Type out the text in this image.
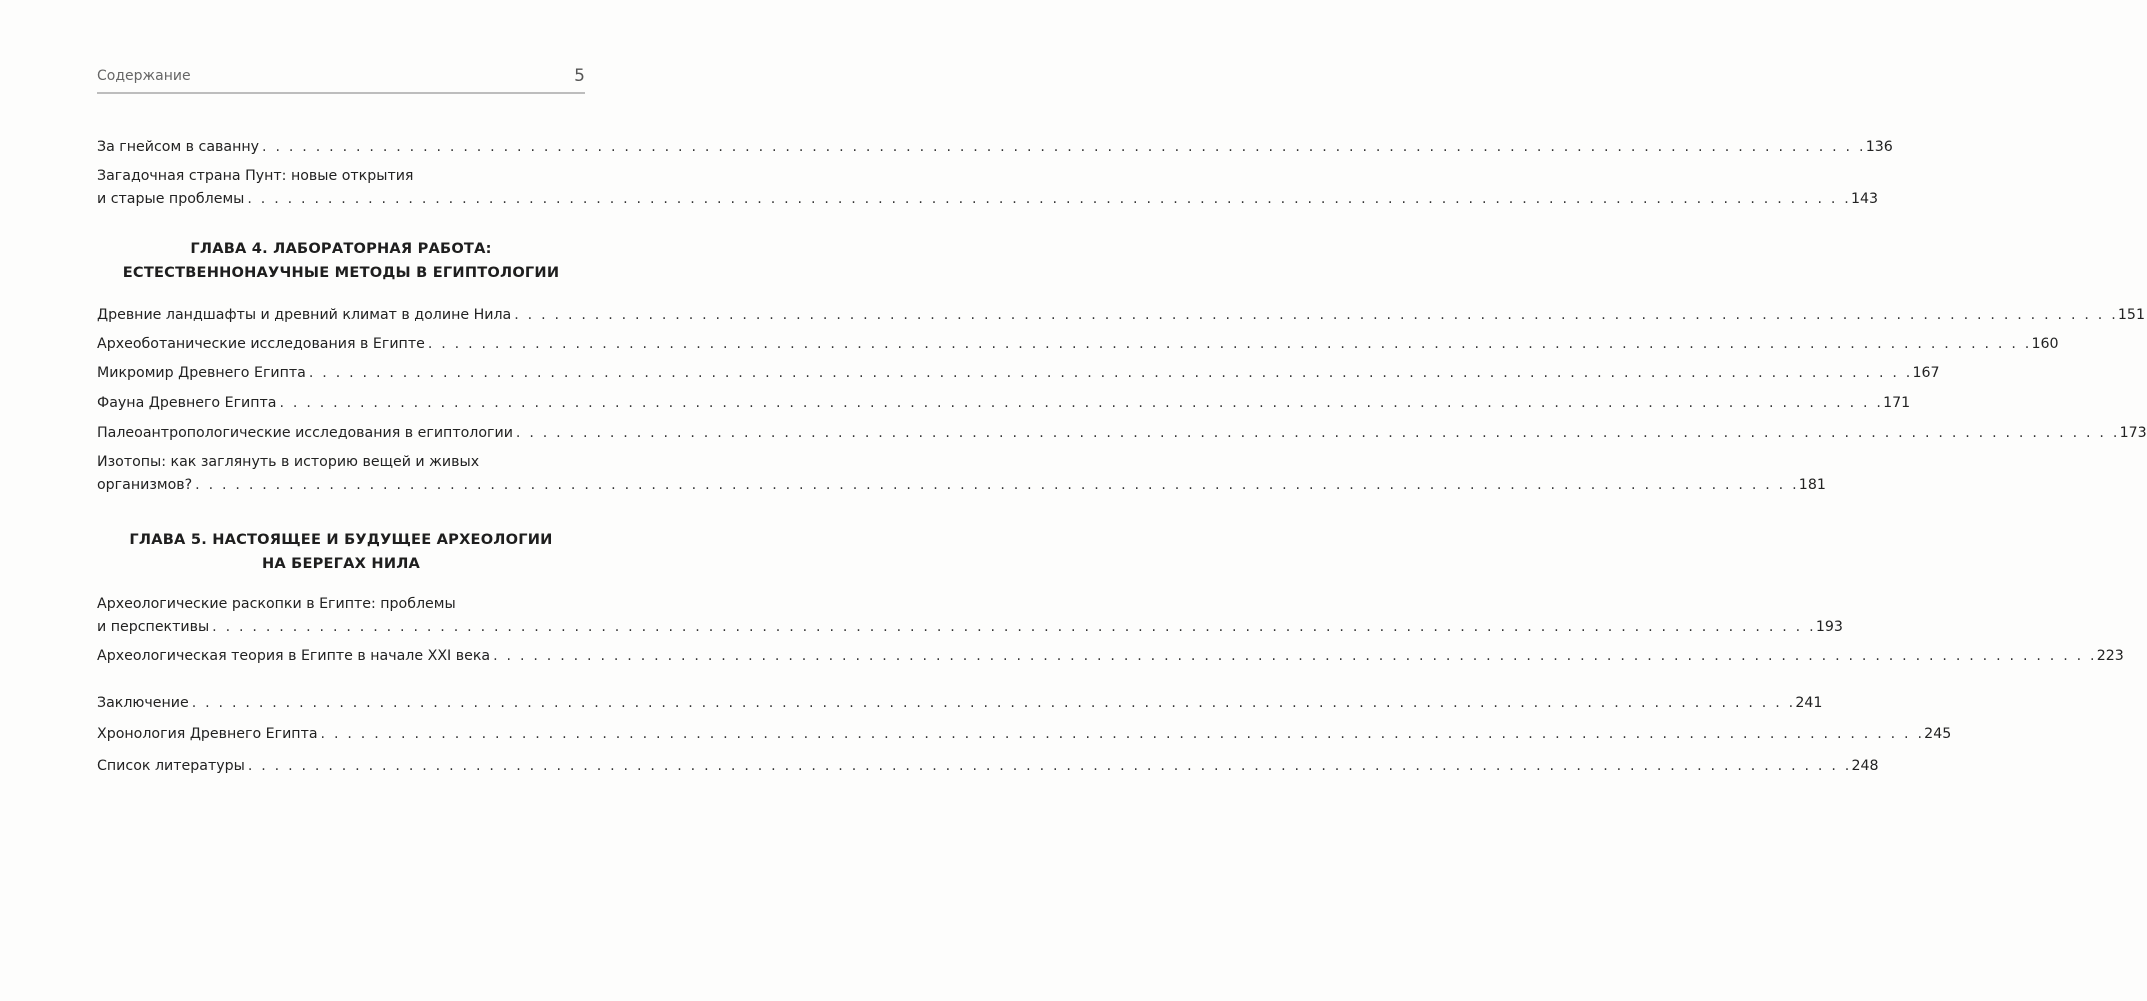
Содержание	5
За гнейсом в саванну . . . . . . . . . . . . . . . . . . . . . . . . . . . . . . . . . . . . . . . . . . . . . . . . . . . . . . . . . . . . . . . . . . . . . . . . . . . . . . . . . . . . . . . . . . . . . . . . . . . . . . . . . . . . . . . . . . . . . . . . 136
Загадочная страна Пунт: новые открытия
и старые проблемы . . . . . . . . . . . . . . . . . . . . . . . . . . . . . . . . . . . . . . . . . . . . . . . . . . . . . . . . . . . . . . . . . . . . . . . . . . . . . . . . . . . . . . . . . . . . . . . . . . . . . . . . . . . . . . . . . . . . . . . . 143
ГЛАВА 4. ЛАБОРАТОРНАЯ РАБОТА:
ЕСТЕСТВЕННОНАУЧНЫЕ МЕТОДЫ В ЕГИПТОЛОГИИ
Древние ландшафты и древний климат в долине Нила . . . . . . . . . . . . . . . . . . . . . . . . . . . . . . . . . . . . . . . . . . . . . . . . . . . . . . . . . . . . . . . . . . . . . . . . . . . . . . . . . . . . . . . . . . . . . . . . . . . . . . . . . . . . . . . . . . . . . . . . 151
Археоботанические исследования в Египте . . . . . . . . . . . . . . . . . . . . . . . . . . . . . . . . . . . . . . . . . . . . . . . . . . . . . . . . . . . . . . . . . . . . . . . . . . . . . . . . . . . . . . . . . . . . . . . . . . . . . . . . . . . . . . . . . . . . . . . . 160
Микромир Древнего Египта . . . . . . . . . . . . . . . . . . . . . . . . . . . . . . . . . . . . . . . . . . . . . . . . . . . . . . . . . . . . . . . . . . . . . . . . . . . . . . . . . . . . . . . . . . . . . . . . . . . . . . . . . . . . . . . . . . . . . . . . 167
Фауна Древнего Египта . . . . . . . . . . . . . . . . . . . . . . . . . . . . . . . . . . . . . . . . . . . . . . . . . . . . . . . . . . . . . . . . . . . . . . . . . . . . . . . . . . . . . . . . . . . . . . . . . . . . . . . . . . . . . . . . . . . . . . . . 171
Палеоантропологические исследования в египтологии . . . . . . . . . . . . . . . . . . . . . . . . . . . . . . . . . . . . . . . . . . . . . . . . . . . . . . . . . . . . . . . . . . . . . . . . . . . . . . . . . . . . . . . . . . . . . . . . . . . . . . . . . . . . . . . . . . . . . . . . 173
Изотопы: как заглянуть в историю вещей и живых
организмов? . . . . . . . . . . . . . . . . . . . . . . . . . . . . . . . . . . . . . . . . . . . . . . . . . . . . . . . . . . . . . . . . . . . . . . . . . . . . . . . . . . . . . . . . . . . . . . . . . . . . . . . . . . . . . . . . . . . . . . . . 181
ГЛАВА 5. НАСТОЯЩЕЕ И БУДУЩЕЕ АРХЕОЛОГИИ
НА БЕРЕГАХ НИЛА
Археологические раскопки в Египте: проблемы
и перспективы . . . . . . . . . . . . . . . . . . . . . . . . . . . . . . . . . . . . . . . . . . . . . . . . . . . . . . . . . . . . . . . . . . . . . . . . . . . . . . . . . . . . . . . . . . . . . . . . . . . . . . . . . . . . . . . . . . . . . . . . 193
Археологическая теория в Египте в начале XXI века . . . . . . . . . . . . . . . . . . . . . . . . . . . . . . . . . . . . . . . . . . . . . . . . . . . . . . . . . . . . . . . . . . . . . . . . . . . . . . . . . . . . . . . . . . . . . . . . . . . . . . . . . . . . . . . . . . . . . . . . 223
Заключение . . . . . . . . . . . . . . . . . . . . . . . . . . . . . . . . . . . . . . . . . . . . . . . . . . . . . . . . . . . . . . . . . . . . . . . . . . . . . . . . . . . . . . . . . . . . . . . . . . . . . . . . . . . . . . . . . . . . . . . . 241
Хронология Древнего Египта . . . . . . . . . . . . . . . . . . . . . . . . . . . . . . . . . . . . . . . . . . . . . . . . . . . . . . . . . . . . . . . . . . . . . . . . . . . . . . . . . . . . . . . . . . . . . . . . . . . . . . . . . . . . . . . . . . . . . . . . 245
Список литературы . . . . . . . . . . . . . . . . . . . . . . . . . . . . . . . . . . . . . . . . . . . . . . . . . . . . . . . . . . . . . . . . . . . . . . . . . . . . . . . . . . . . . . . . . . . . . . . . . . . . . . . . . . . . . . . . . . . . . . . . 248
